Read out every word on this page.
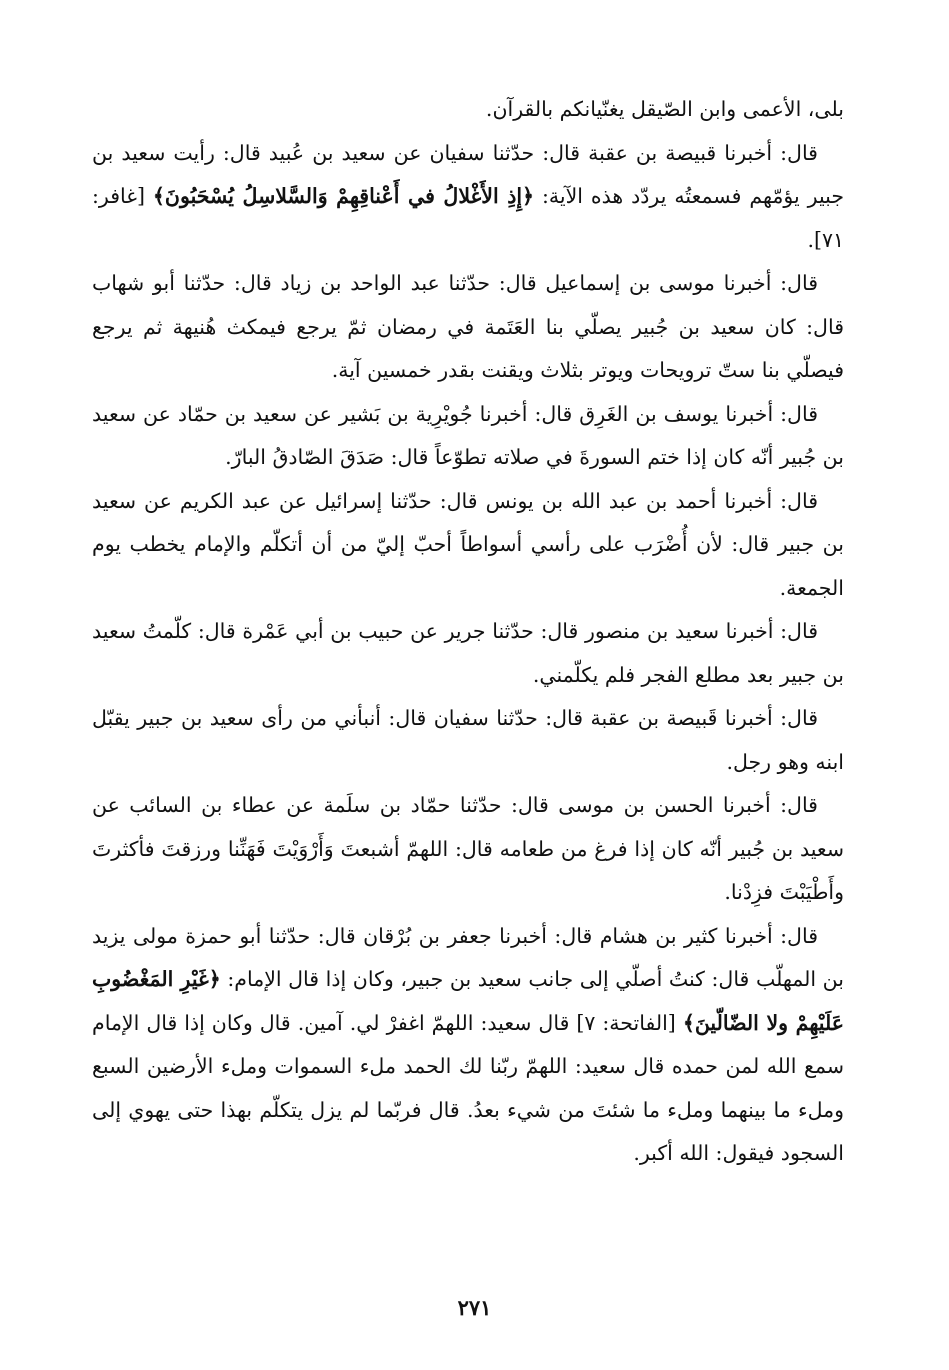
بلى، الأعمى وابن الصّيقل يغنّيانكم بالقرآن.

قال: أخبرنا قبيصة بن عقبة قال: حدّثنا سفيان عن سعيد بن عُبيد قال: رأيت سعيد بن جبير يؤمّهم فسمعتُه يردّد هذه الآية: ﴿إِذِ الأَغْلالُ في أَعْناقِهِمْ وَالسَّلاسِلُ يُسْحَبُونَ﴾ [غافر: ٧١].

قال: أخبرنا موسى بن إسماعيل قال: حدّثنا عبد الواحد بن زياد قال: حدّثنا أبو شهاب قال: كان سعيد بن جُبير يصلّي بنا العَتَمة في رمضان ثمّ يرجع فيمكث هُنيهة ثم يرجع فيصلّي بنا ستّ ترويحات ويوتر بثلاث ويقنت بقدر خمسين آية.

قال: أخبرنا يوسف بن الغَرِق قال: أخبرنا جُويْرِية بن بَشير عن سعيد بن حمّاد عن سعيد بن جُبير أنّه كان إذا ختم السورةَ في صلاته تطوّعاً قال: صَدَقَ الصّادقُ البارّ.

قال: أخبرنا أحمد بن عبد الله بن يونس قال: حدّثنا إسرائيل عن عبد الكريم عن سعيد بن جبير قال: لأن أُضْرَب على رأسي أسواطاً أحبّ إليّ من أن أتكلّم والإمام يخطب يوم الجمعة.

قال: أخبرنا سعيد بن منصور قال: حدّثنا جرير عن حبيب بن أبي عَمْرة قال: كلّمتُ سعيد بن جبير بعد مطلع الفجر فلم يكلّمني.

قال: أخبرنا قَبيصة بن عقبة قال: حدّثنا سفيان قال: أنبأني من رأى سعيد بن جبير يقبّل ابنه وهو رجل.

قال: أخبرنا الحسن بن موسى قال: حدّثنا حمّاد بن سلَمة عن عطاء بن السائب عن سعيد بن جُبير أنّه كان إذا فرغ من طعامه قال: اللهمّ أشبعتَ وَأَرْوَيْتَ فَهَنِّنا ورزقتَ فأكثرتَ وأَطْيَبْتَ فزِدْنا.

قال: أخبرنا كثير بن هشام قال: أخبرنا جعفر بن بُرْقان قال: حدّثنا أبو حمزة مولى يزيد بن المهلّب قال: كنتُ أصلّي إلى جانب سعيد بن جبير، وكان إذا قال الإمام: ﴿غَيْرِ المَغْضُوبِ عَلَيْهِمْ ولا الضّالّينَ﴾ [الفاتحة: ٧] قال سعيد: اللهمّ اغفرْ لي. آمين. قال وكان إذا قال الإمام سمع الله لمن حمده قال سعيد: اللهمّ ربّنا لك الحمد ملء السموات وملء الأرضين السبع وملء ما بينهما وملء ما شئتَ من شيء بعدُ. قال فربّما لم يزل يتكلّم بهذا حتى يهوي إلى السجود فيقول: الله أكبر.

٢٧١
